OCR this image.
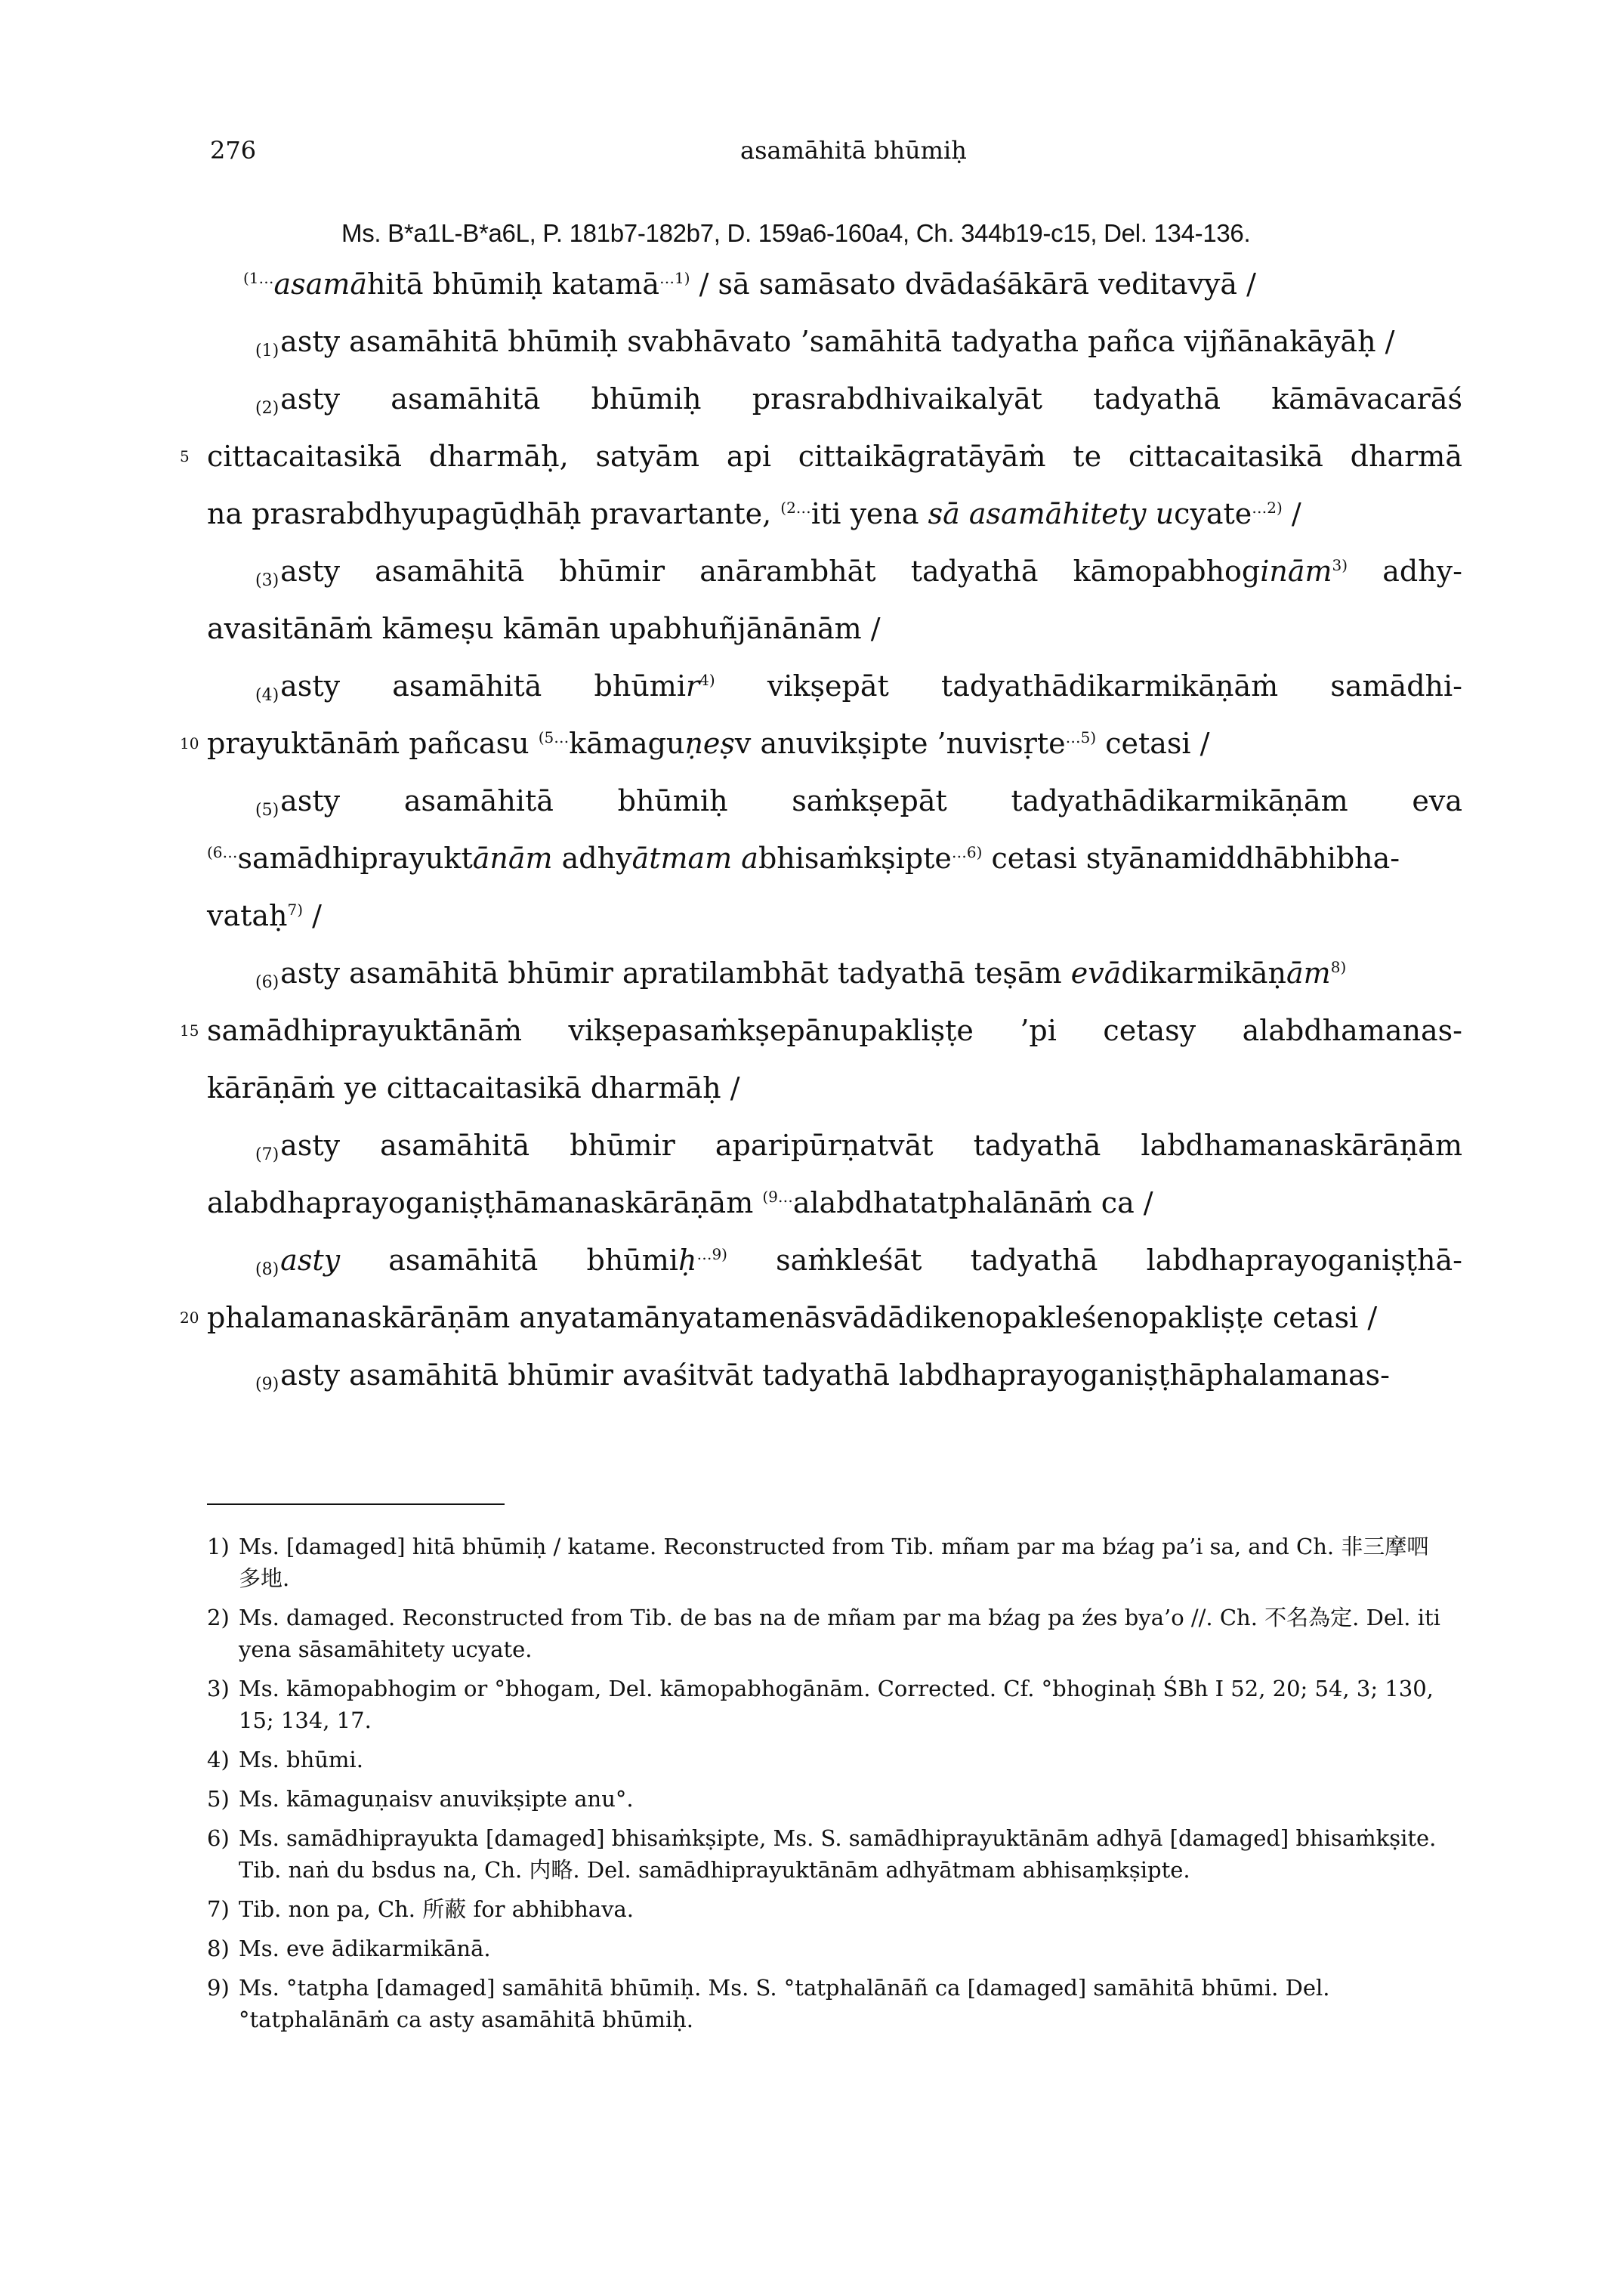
276	asamāhitā bhūmiḥ
Ms. B*a1L-B*a6L, P. 181b7-182b7, D. 159a6-160a4, Ch. 344b19-c15, Del. 134-136.
$^{(1\dots}$asamāhitā bhūmiḥ katamā$^{\dots 1)}$ / sā samāsato dvādaśākārā veditavyā /
$_{(1)}$asty asamāhitā bhūmiḥ svabhāvato ’samāhitā tadyatha pañca vijñānakāyāḥ /
$_{(2)}$asty asamāhitā bhūmiḥ prasrabdhivaikalyāt tadyathā kāmāvacarāś
5 cittacaitasikā dharmāḥ, satyām api cittaikāgratāyāṁ te cittacaitasikā dharmā
na prasrabdhyupagūḍhāḥ pravartante, $^{(2\dots}$iti yena sā asamāhitety ucyate$^{\dots 2)}$ /
$_{(3)}$asty asamāhitā bhūmir anārambhāt tadyathā kāmopabhoginām$^{3)}$ adhy-
avasitānāṁ kāmeṣu kāmān upabhuñjānānām /
$_{(4)}$asty asamāhitā bhūmir$^{4)}$ vikṣepāt tadyathādikarmikāṇāṁ samādhi-
10 prayuktānāṁ pañcasu $^{(5\dots}$kāmaguṇeṣv anuvikṣipte ’nuvisṛte$^{\dots 5)}$ cetasi /
$_{(5)}$asty asamāhitā bhūmiḥ saṁkṣepāt tadyathādikarmikāṇām eva
$^{(6\dots}$samādhiprayuktānām adhyātmam abhisaṁkṣipte$^{\dots 6)}$ cetasi styānamiddhābhibha-
vataḥ$^{7)}$ /
$_{(6)}$asty asamāhitā bhūmir apratilambhāt tadyathā teṣām evādikarmikāṇām$^{8)}$
15 samādhiprayuktānāṁ vikṣepasaṁkṣepānupakliṣṭe ’pi cetasy alabdhamanas-
kārāṇāṁ ye cittacaitasikā dharmāḥ /
$_{(7)}$asty asamāhitā bhūmir aparipūrṇatvāt tadyathā labdhamanaskārāṇām
alabdhaprayoganiṣṭhāmanaskārāṇām $^{(9\dots}$alabdhatatphalānāṁ ca /
$_{(8)}$asty asamāhitā bhūmiḥ$^{\dots 9)}$ saṁkleśāt tadyathā labdhaprayoganiṣṭhā-
20 phalamanaskārāṇām anyatamānyatamenāsvādādikenopakleśenopakliṣṭe cetasi /
$_{(9)}$asty asamāhitā bhūmir avaśitvāt tadyathā labdhaprayoganiṣṭhāphalamanas-
1) Ms. [damaged] hitā bhūmiḥ / katame. Reconstructed from Tib. mñam par ma bźag pa’i sa, and Ch. 非三摩呬多地.
2) Ms. damaged. Reconstructed from Tib. de bas na de mñam par ma bźag pa źes bya’o //. Ch. 不名為定. Del. iti yena sāsamāhitety ucyate.
3) Ms. kāmopabhogim or °bhogam, Del. kāmopabhogānām. Corrected. Cf. °bhoginaḥ ŚBh I 52, 20; 54, 3; 130, 15; 134, 17.
4) Ms. bhūmi.
5) Ms. kāmaguṇaisv anuvikṣipte anu°.
6) Ms. samādhiprayukta [damaged] bhisaṁkṣipte, Ms. S. samādhiprayuktānām adhyā [damaged] bhisaṁkṣite. Tib. naṅ du bsdus na, Ch. 内略. Del. samādhiprayuktānām adhyātmam abhisaṃkṣipte.
7) Tib. non pa, Ch. 所蔽 for abhibhava.
8) Ms. eve ādikarmikānā.
9) Ms. °tatpha [damaged] samāhitā bhūmiḥ. Ms. S. °tatphalānāñ ca [damaged] samāhitā bhūmi. Del. °tatphalānāṁ ca asty asamāhitā bhūmiḥ.
